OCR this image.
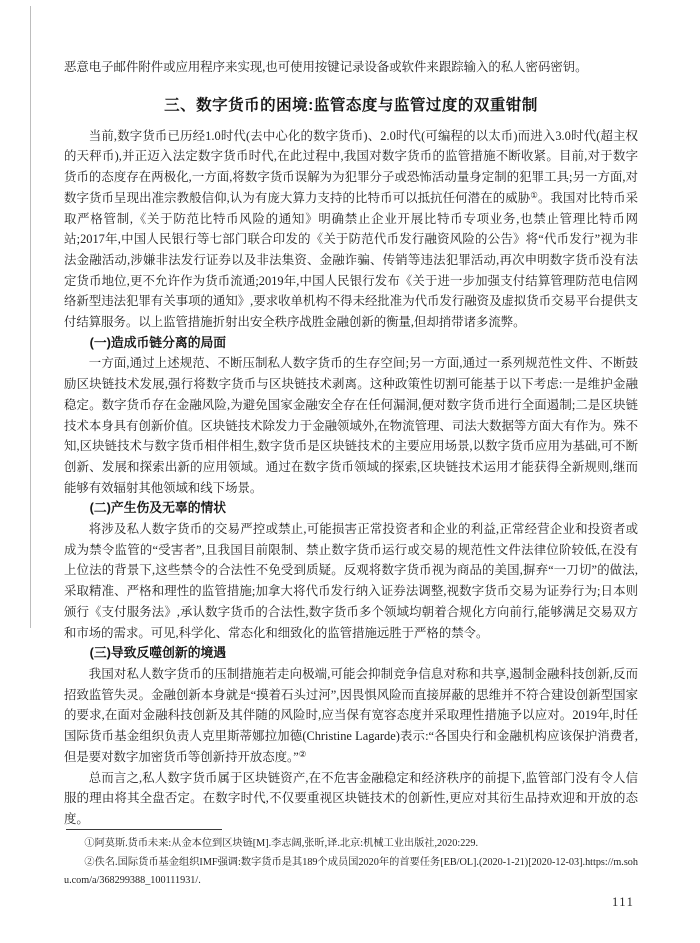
恶意电子邮件附件或应用程序来实现,也可使用按键记录设备或软件来跟踪输入的私人密码密钥。
三、数字货币的困境:监管态度与监管过度的双重钳制
当前,数字货币已历经1.0时代(去中心化的数字货币)、2.0时代(可编程的以太币)而进入3.0时代(超主权的天秤币),并正迈入法定数字货币时代,在此过程中,我国对数字货币的监管措施不断收紧。目前,对于数字货币的态度存在两极化,一方面,将数字货币误解为为犯罪分子或恐怖活动量身定制的犯罪工具;另一方面,对数字货币呈现出准宗教般信仰,认为有庞大算力支持的比特币可以抵抗任何潜在的威胁①。我国对比特币采取严格管制,《关于防范比特币风险的通知》明确禁止企业开展比特币专项业务,也禁止管理比特币网站;2017年,中国人民银行等七部门联合印发的《关于防范代币发行融资风险的公告》将“代币发行”视为非法金融活动,涉嫌非法发行证券以及非法集资、金融诈骗、传销等违法犯罪活动,再次申明数字货币没有法定货币地位,更不允许作为货币流通;2019年,中国人民银行发布《关于进一步加强支付结算管理防范电信网络新型违法犯罪有关事项的通知》,要求收单机构不得未经批准为代币发行融资及虚拟货币交易平台提供支付结算服务。以上监管措施折射出安全秩序战胜金融创新的衡量,但却捎带诸多流弊。
(一)造成币链分离的局面
一方面,通过上述规范、不断压制私人数字货币的生存空间;另一方面,通过一系列规范性文件、不断鼓励区块链技术发展,强行将数字货币与区块链技术剥离。这种政策性切割可能基于以下考虑:一是维护金融稳定。数字货币存在金融风险,为避免国家金融安全存在任何漏洞,便对数字货币进行全面遏制;二是区块链技术本身具有创新价值。区块链技术除发力于金融领域外,在物流管理、司法大数据等方面大有作为。殊不知,区块链技术与数字货币相伴相生,数字货币是区块链技术的主要应用场景,以数字货币应用为基础,可不断创新、发展和探索出新的应用领域。通过在数字货币领域的探索,区块链技术运用才能获得全新规则,继而能够有效辐射其他领域和线下场景。
(二)产生伤及无辜的情状
将涉及私人数字货币的交易严控或禁止,可能损害正常投资者和企业的利益,正常经营企业和投资者或成为禁令监管的“受害者”,且我国目前限制、禁止数字货币运行或交易的规范性文件法律位阶较低,在没有上位法的背景下,这些禁令的合法性不免受到质疑。反观将数字货币视为商品的美国,摒弃“一刀切”的做法,采取精准、严格和理性的监管措施;加拿大将代币发行纳入证券法调整,视数字货币交易为证券行为;日本则颁行《支付服务法》,承认数字货币的合法性,数字货币多个领域均朝着合规化方向前行,能够满足交易双方和市场的需求。可见,科学化、常态化和细致化的监管措施远胜于严格的禁令。
(三)导致反噬创新的境遇
我国对私人数字货币的压制措施若走向极端,可能会抑制竞争信息对称和共享,遏制金融科技创新,反而招致监管失灵。金融创新本身就是“摸着石头过河”,因畏惧风险而直接屏蔽的思维并不符合建设创新型国家的要求,在面对金融科技创新及其伴随的风险时,应当保有宽容态度并采取理性措施予以应对。2019年,时任国际货币基金组织负责人克里斯蒂娜拉加德(Christine Lagarde)表示:“各国央行和金融机构应该保护消费者,但是要对数字加密货币等创新持开放态度。”②
总而言之,私人数字货币属于区块链资产,在不危害金融稳定和经济秩序的前提下,监管部门没有令人信服的理由将其全盘否定。在数字时代,不仅要重视区块链技术的创新性,更应对其衍生品持欢迎和开放的态度。
①阿莫斯.货币未来:从金本位到区块链[M].李志阔,张昕,译.北京:机械工业出版社,2020:229.
②佚名.国际货币基金组织IMF强调:数字货币是其189个成员国2020年的首要任务[EB/OL].(2020-1-21)[2020-12-03].https://m.sohu.com/a/368299388_100111931/.
111
